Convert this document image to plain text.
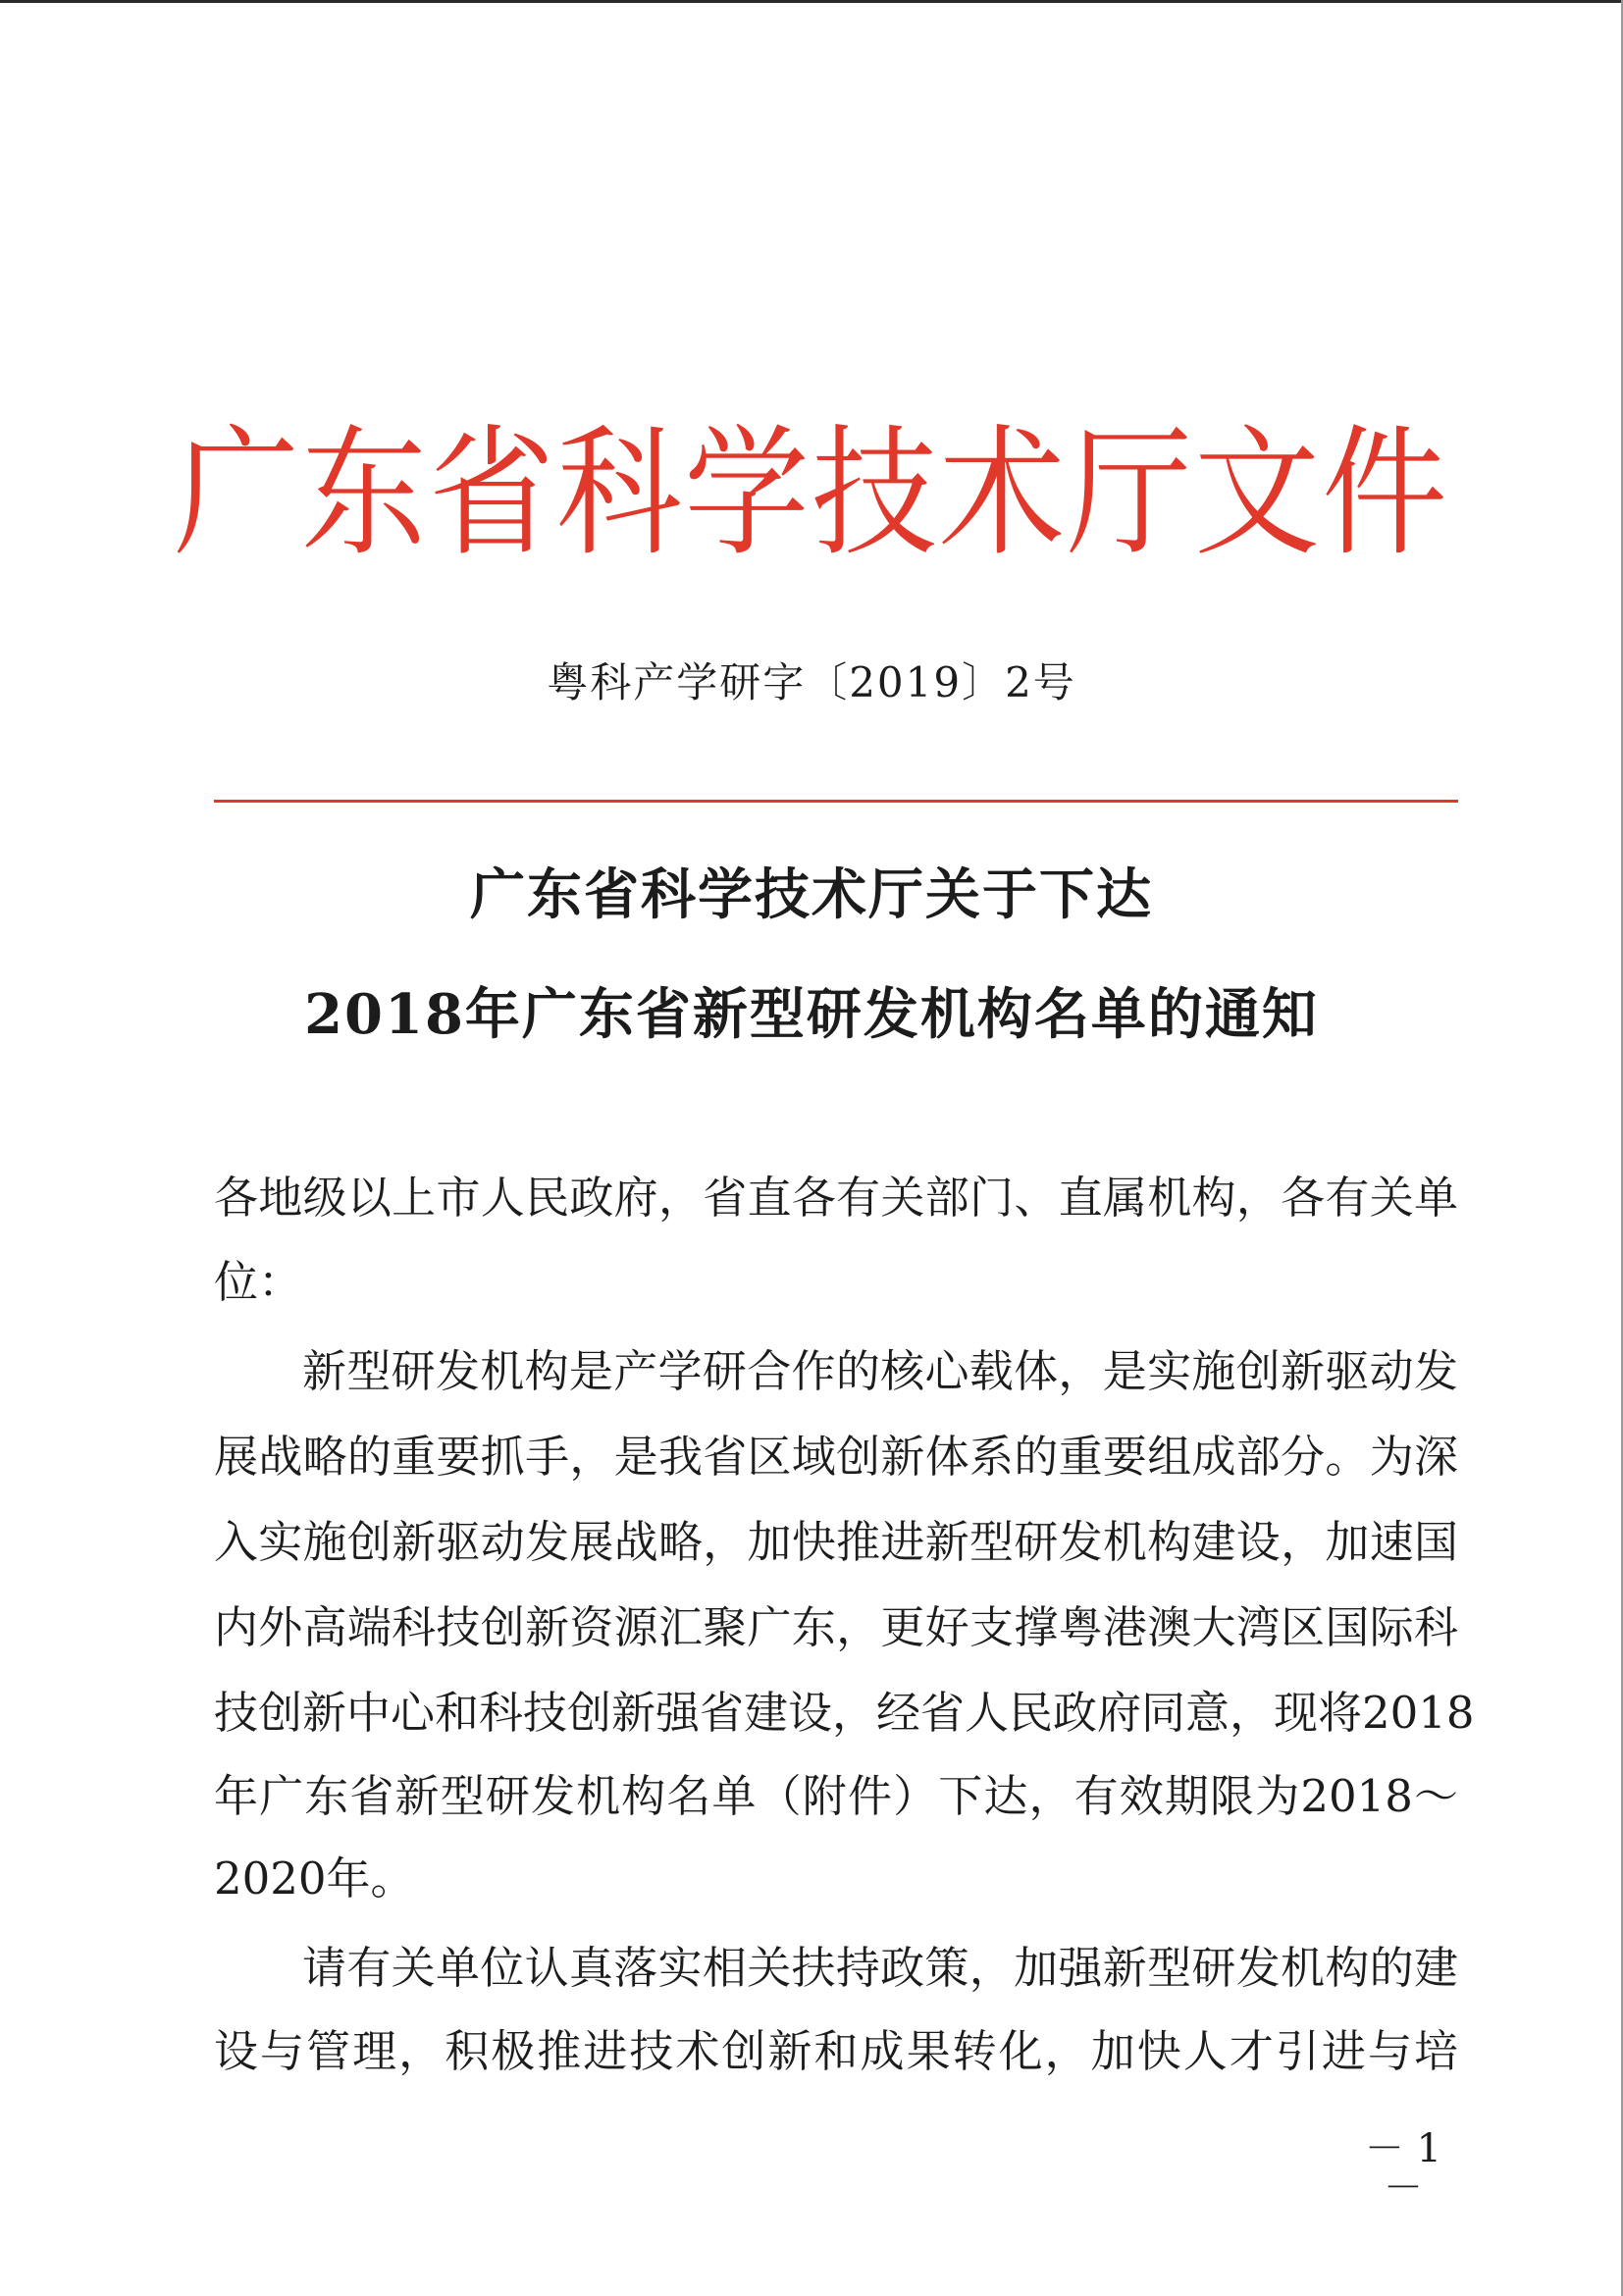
广东省科学技术厅文件
粤科产学研字〔2019〕2号
广东省科学技术厅关于下达
2018年广东省新型研发机构名单的通知
各地级以上市人民政府，省直各有关部门、直属机构，各有关单
位：
新型研发机构是产学研合作的核心载体，是实施创新驱动发
展战略的重要抓手，是我省区域创新体系的重要组成部分。为深
入实施创新驱动发展战略，加快推进新型研发机构建设，加速国
内外高端科技创新资源汇聚广东，更好支撑粤港澳大湾区国际科
技创新中心和科技创新强省建设，经省人民政府同意，现将2018
年广东省新型研发机构名单（附件）下达，有效期限为2018～
2020年。
请有关单位认真落实相关扶持政策，加强新型研发机构的建
设与管理，积极推进技术创新和成果转化，加快人才引进与培
－ 1 －
